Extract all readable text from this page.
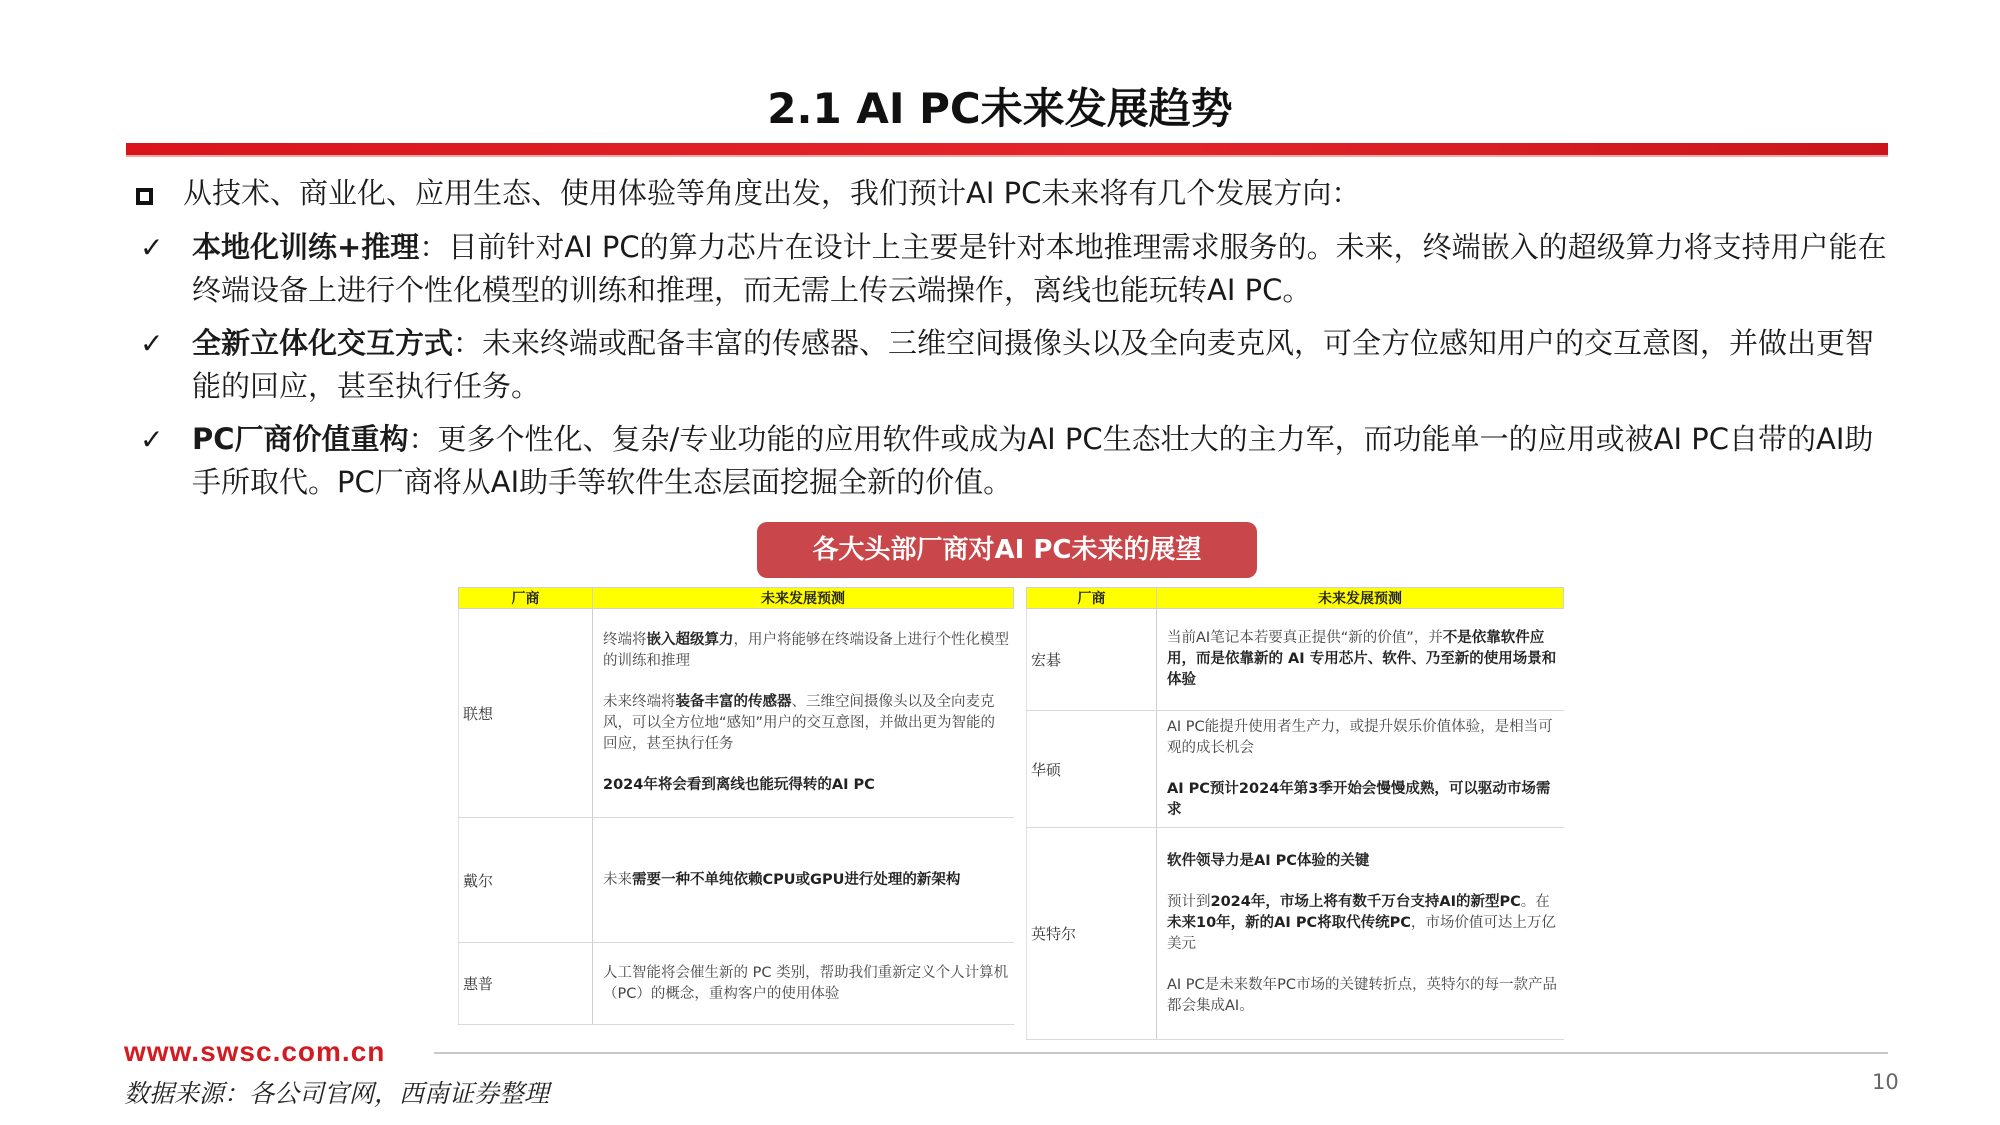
2.1 AI PC未来发展趋势
从技术、商业化、应用生态、使用体验等角度出发，我们预计AI PC未来将有几个发展方向：
✓ 本地化训练+推理：目前针对AI PC的算力芯片在设计上主要是针对本地推理需求服务的。未来，终端嵌入的超级算力将支持用户能在终端设备上进行个性化模型的训练和推理，而无需上传云端操作，离线也能玩转AI PC。
✓ 全新立体化交互方式：未来终端或配备丰富的传感器、三维空间摄像头以及全向麦克风，可全方位感知用户的交互意图，并做出更智能的回应，甚至执行任务。
✓ PC厂商价值重构：更多个性化、复杂/专业功能的应用软件或成为AI PC生态壮大的主力军，而功能单一的应用或被AI PC自带的AI助手所取代。PC厂商将从AI助手等软件生态层面挖掘全新的价值。
各大头部厂商对AI PC未来的展望
厂商	未来发展预测
联想	终端将嵌入超级算力，用户将能够在终端设备上进行个性化模型的训练和推理

未来终端将装备丰富的传感器、三维空间摄像头以及全向麦克风，可以全方位地“感知”用户的交互意图，并做出更为智能的回应，甚至执行任务

2024年将会看到离线也能玩得转的AI PC

戴尔	未来需要一种不单纯依赖CPU或GPU进行处理的新架构

惠普	人工智能将会催生新的 PC 类别，帮助我们重新定义个人计算机（PC）的概念，重构客户的使用体验

厂商	未来发展预测
宏碁	当前AI笔记本若要真正提供“新的价值”，并不是依靠软件应用，而是依靠新的 AI 专用芯片、软件、乃至新的使用场景和体验

华硕	AI PC能提升使用者生产力，或提升娱乐价值体验，是相当可观的成长机会

AI PC预计2024年第3季开始会慢慢成熟，可以驱动市场需求

英特尔	软件领导力是AI PC体验的关键

预计到2024年，市场上将有数千万台支持AI的新型PC。在未来10年，新的AI PC将取代传统PC，市场价值可达上万亿美元

AI PC是未来数年PC市场的关键转折点，英特尔的每一款产品都会集成AI。

www.swsc.com.cn
数据来源：各公司官网，西南证券整理	10
